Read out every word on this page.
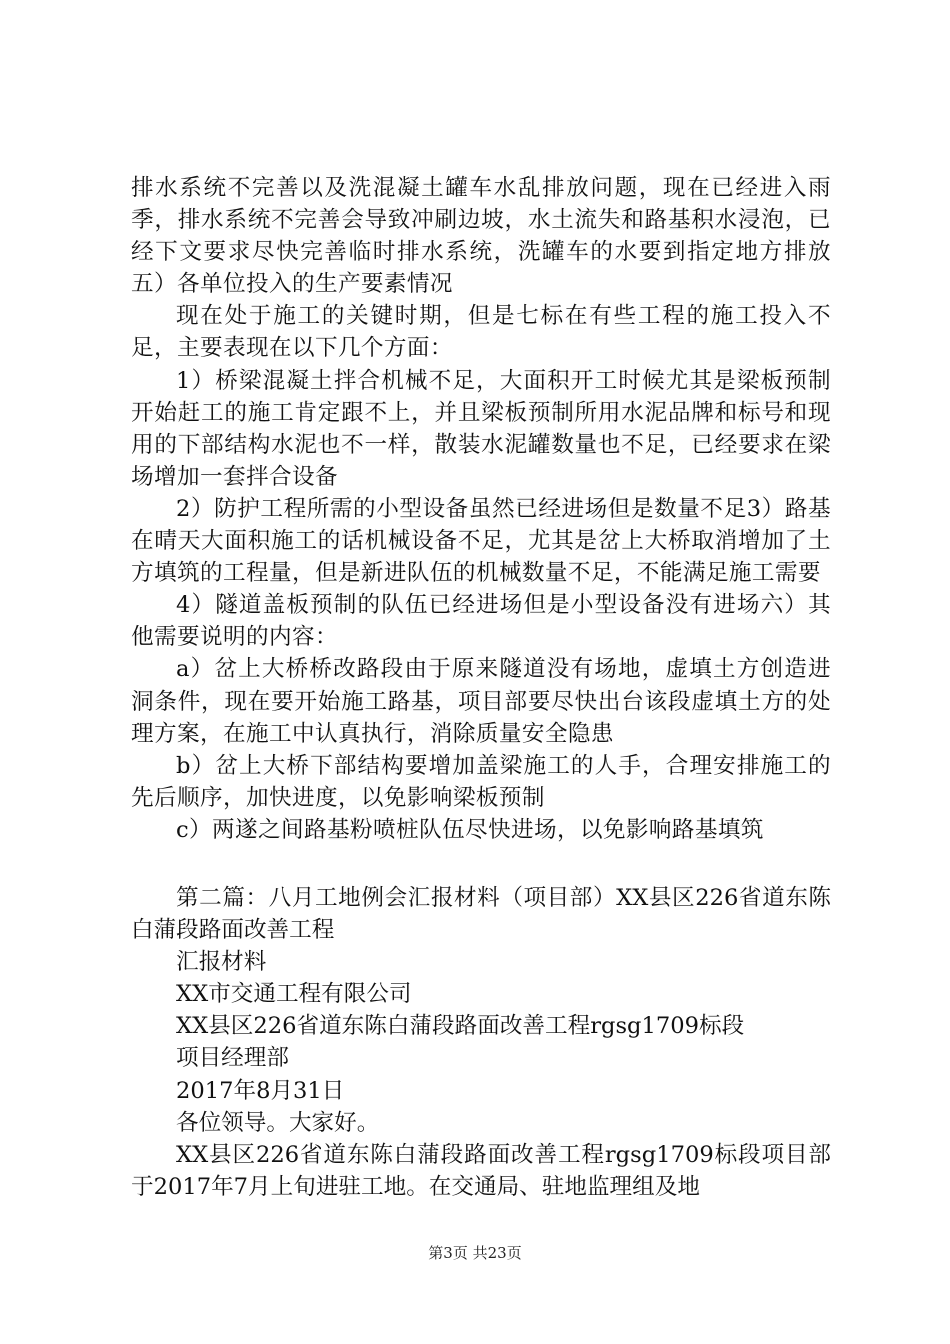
排水系统不完善以及洗混凝土罐车水乱排放问题，现在已经进入雨季，排水系统不完善会导致冲刷边坡，水土流失和路基积水浸泡，已经下文要求尽快完善临时排水系统，洗罐车的水要到指定地方排放五）各单位投入的生产要素情况

现在处于施工的关键时期，但是七标在有些工程的施工投入不足，主要表现在以下几个方面：

1）桥梁混凝土拌合机械不足，大面积开工时候尤其是梁板预制开始赶工的施工肯定跟不上，并且梁板预制所用水泥品牌和标号和现用的下部结构水泥也不一样，散装水泥罐数量也不足，已经要求在梁场增加一套拌合设备

2）防护工程所需的小型设备虽然已经进场但是数量不足3）路基在晴天大面积施工的话机械设备不足，尤其是岔上大桥取消增加了土方填筑的工程量，但是新进队伍的机械数量不足，不能满足施工需要

4）隧道盖板预制的队伍已经进场但是小型设备没有进场六）其他需要说明的内容：

a）岔上大桥桥改路段由于原来隧道没有场地，虚填土方创造进洞条件，现在要开始施工路基，项目部要尽快出台该段虚填土方的处理方案，在施工中认真执行，消除质量安全隐患

b）岔上大桥下部结构要增加盖梁施工的人手，合理安排施工的先后顺序，加快进度，以免影响梁板预制

c）两遂之间路基粉喷桩队伍尽快进场，以免影响路基填筑

第二篇：八月工地例会汇报材料（项目部）XX县区226省道东陈白蒲段路面改善工程

汇报材料

XX市交通工程有限公司

XX县区226省道东陈白蒲段路面改善工程rgsg1709标段

项目经理部

2017年8月31日

各位领导。大家好。

XX县区226省道东陈白蒲段路面改善工程rgsg1709标段项目部于2017年7月上旬进驻工地。在交通局、驻地监理组及地

第3页 共23页
